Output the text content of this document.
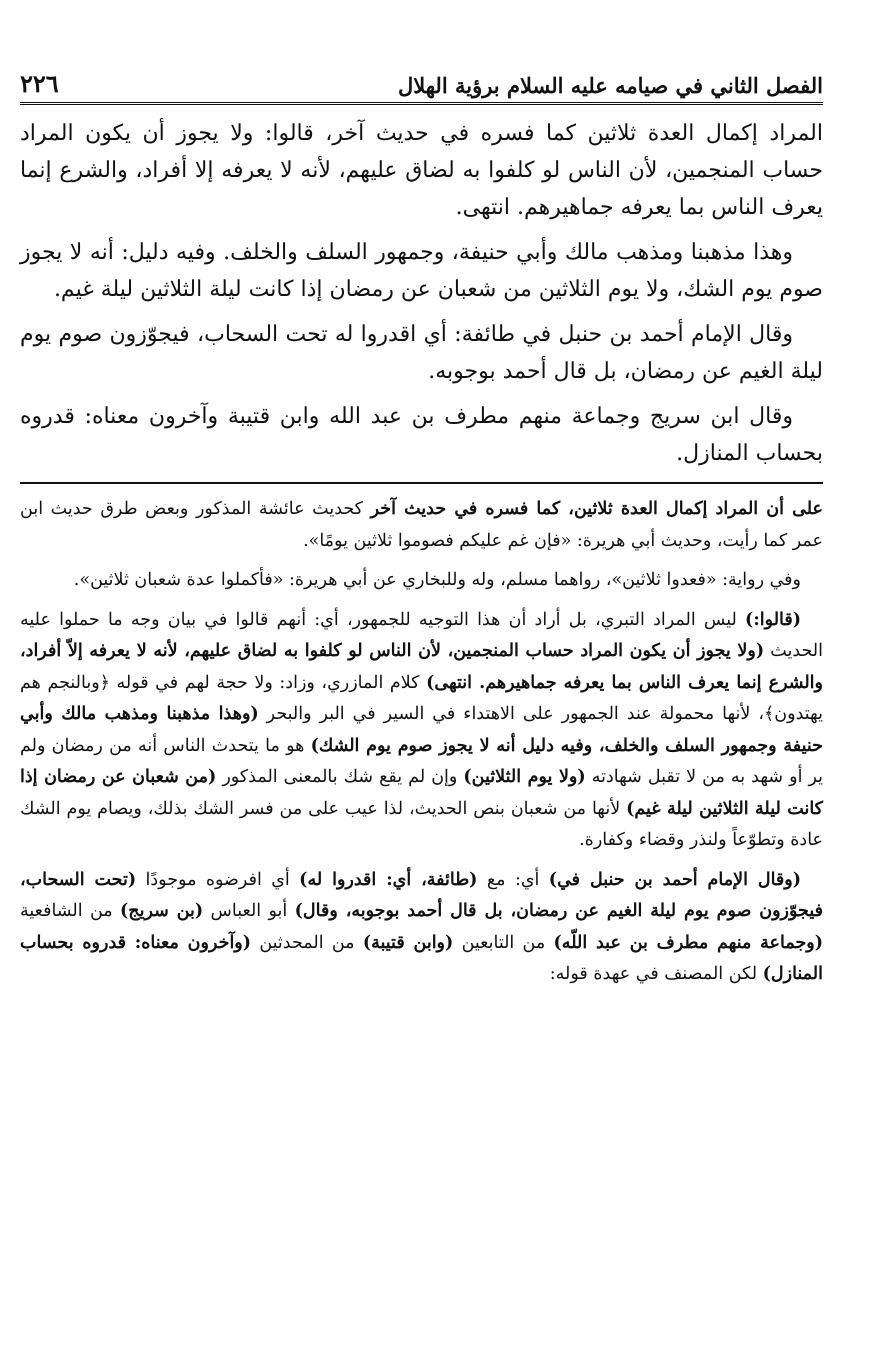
الفصل الثاني في صيامه عليه السلام برؤية الهلال
٢٢٦

المراد إكمال العدة ثلاثين كما فسره في حديث آخر، قالوا: ولا يجوز أن يكون المراد حساب المنجمين، لأن الناس لو كلفوا به لضاق عليهم، لأنه لا يعرفه إلا أفراد، والشرع إنما يعرف الناس بما يعرفه جماهيرهم. انتهى.

وهذا مذهبنا ومذهب مالك وأبي حنيفة، وجمهور السلف والخلف. وفيه دليل: أنه لا يجوز صوم يوم الشك، ولا يوم الثلاثين من شعبان عن رمضان إذا كانت ليلة الثلاثين ليلة غيم.

وقال الإمام أحمد بن حنبل في طائفة: أي اقدروا له تحت السحاب، فيجوّزون صوم يوم ليلة الغيم عن رمضان، بل قال أحمد بوجوبه.

وقال ابن سريج وجماعة منهم مطرف بن عبد الله وابن قتيبة وآخرون معناه: قدروه بحساب المنازل.

على أن المراد إكمال العدة ثلاثين، كما فسره في حديث آخر كحديث عائشة المذكور وبعض طرق حديث ابن عمر كما رأيت، وحديث أبي هريرة: «فإن غم عليكم فصوموا ثلاثين يومًا».

وفي رواية: «فعدوا ثلاثين»، رواهما مسلم، وله وللبخاري عن أبي هريرة: «فأكملوا عدة شعبان ثلاثين».

(قالوا:) ليس المراد التبري، بل أراد أن هذا التوجيه للجمهور، أي: أنهم قالوا في بيان وجه ما حملوا عليه الحديث (ولا يجوز أن يكون المراد حساب المنجمين، لأن الناس لو كلفوا به لضاق عليهم، لأنه لا يعرفه إلاّ أفراد، والشرع إنما يعرف الناس بما يعرفه جماهيرهم. انتهى) كلام المازري، وزاد: ولا حجة لهم في قوله ﴿وبالنجم هم يهتدون﴾، لأنها محمولة عند الجمهور على الاهتداء في السير في البر والبحر (وهذا مذهبنا ومذهب مالك وأبي حنيفة وجمهور السلف والخلف، وفيه دليل أنه لا يجوز صوم يوم الشك) هو ما يتحدث الناس أنه من رمضان ولم ير أو شهد به من لا تقبل شهادته (ولا يوم الثلاثين) وإن لم يقع شك بالمعنى المذكور (من شعبان عن رمضان إذا كانت ليلة الثلاثين ليلة غيم) لأنها من شعبان بنص الحديث، لذا عيب على من فسر الشك بذلك، ويصام يوم الشك عادة وتطوّعاً ولنذر وقضاء وكفارة.

(وقال الإمام أحمد بن حنبل في) أي: مع (طائفة، أي: اقدروا له) أي افرضوه موجودًا (تحت السحاب، فيجوّزون صوم يوم ليلة الغيم عن رمضان، بل قال أحمد بوجوبه، وقال) أبو العباس (بن سريج) من الشافعية (وجماعة منهم مطرف بن عبد اللّه) من التابعين (وابن قتيبة) من المحدثين (وآخرون معناه: قدروه بحساب المنازل) لكن المصنف في عهدة قوله:
